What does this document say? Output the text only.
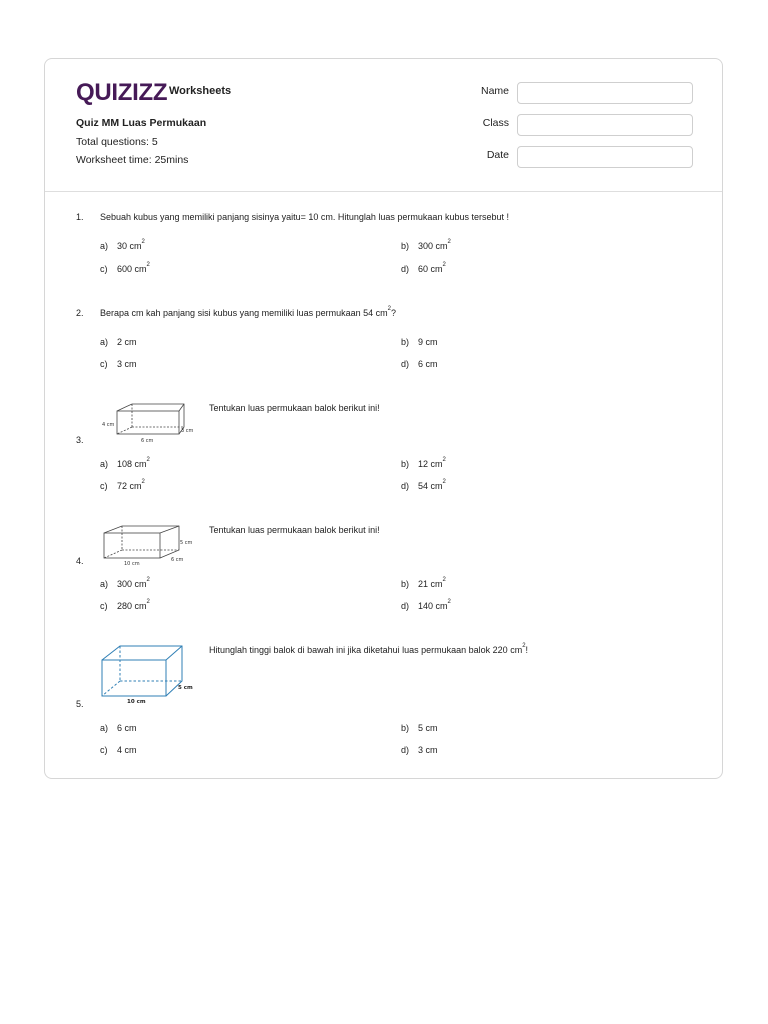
QUIZIZZ Worksheets
Quiz MM Luas Permukaan
Total questions: 5
Worksheet time: 25mins
Name
Class
Date
1. Sebuah kubus yang memiliki panjang sisinya yaitu= 10 cm. Hitunglah luas permukaan kubus tersebut !
a) 30 $cm^2$	b) 300 $cm^2$
c) 600 $cm^2$	d) 60 $cm^2$
2. Berapa cm kah panjang sisi kubus yang memiliki luas permukaan 54 $cm^2$?
a) 2 cm	b) 9 cm
c) 3 cm	d) 6 cm
4 cm
3 cm
6 cm
Tentukan luas permukaan balok berikut ini!
3.
a) 108 $cm^2$	b) 12 $cm^2$
c) 72 $cm^2$	d) 54 $cm^2$
5 cm
6 cm
10 cm
Tentukan luas permukaan balok berikut ini!
4.
a) 300 $cm^2$	b) 21 $cm^2$
c) 280 $cm^2$	d) 140 $cm^2$
10 cm
5 cm
Hitunglah tinggi balok di bawah ini jika diketahui luas permukaan balok 220 $cm^2$!
5.
a) 6 cm	b) 5 cm
c) 4 cm	d) 3 cm
